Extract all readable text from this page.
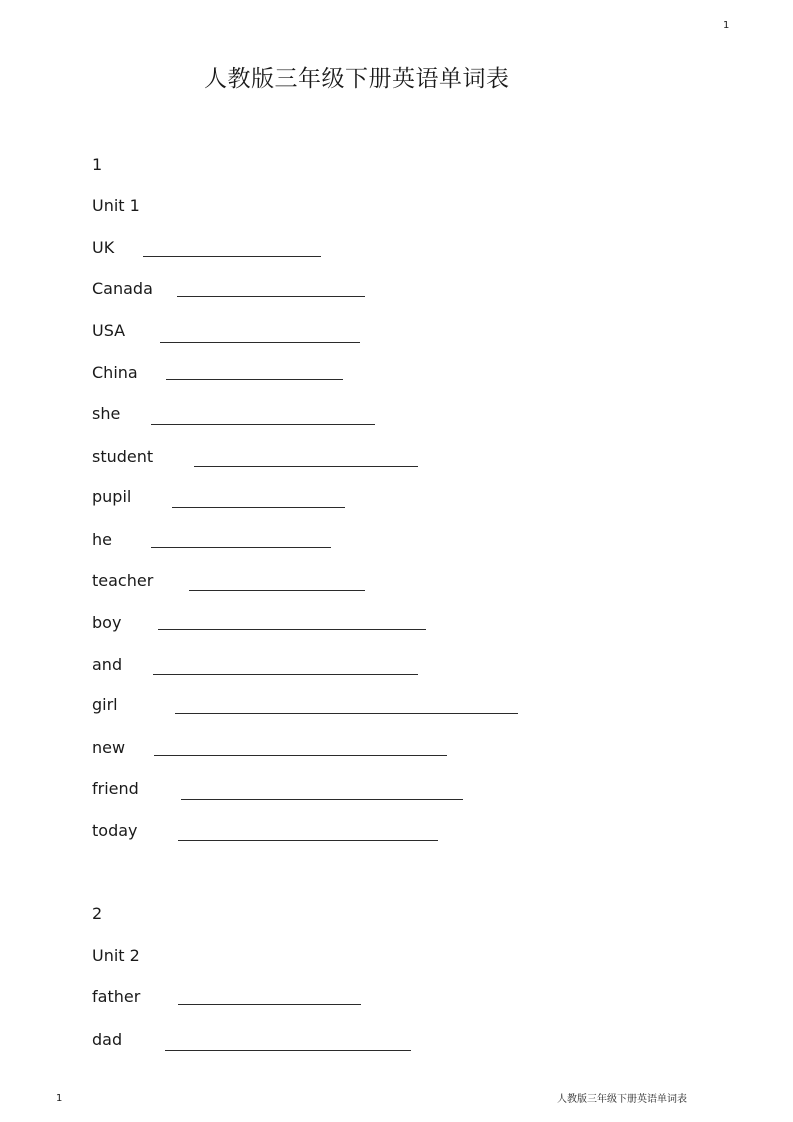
1
人教版三年级下册英语单词表
1
Unit 1
UK
Canada
USA
China
she
student
pupil
he
teacher
boy
and
girl
new
friend
today
2
Unit 2
father
dad
1	人教版三年级下册英语单词表
